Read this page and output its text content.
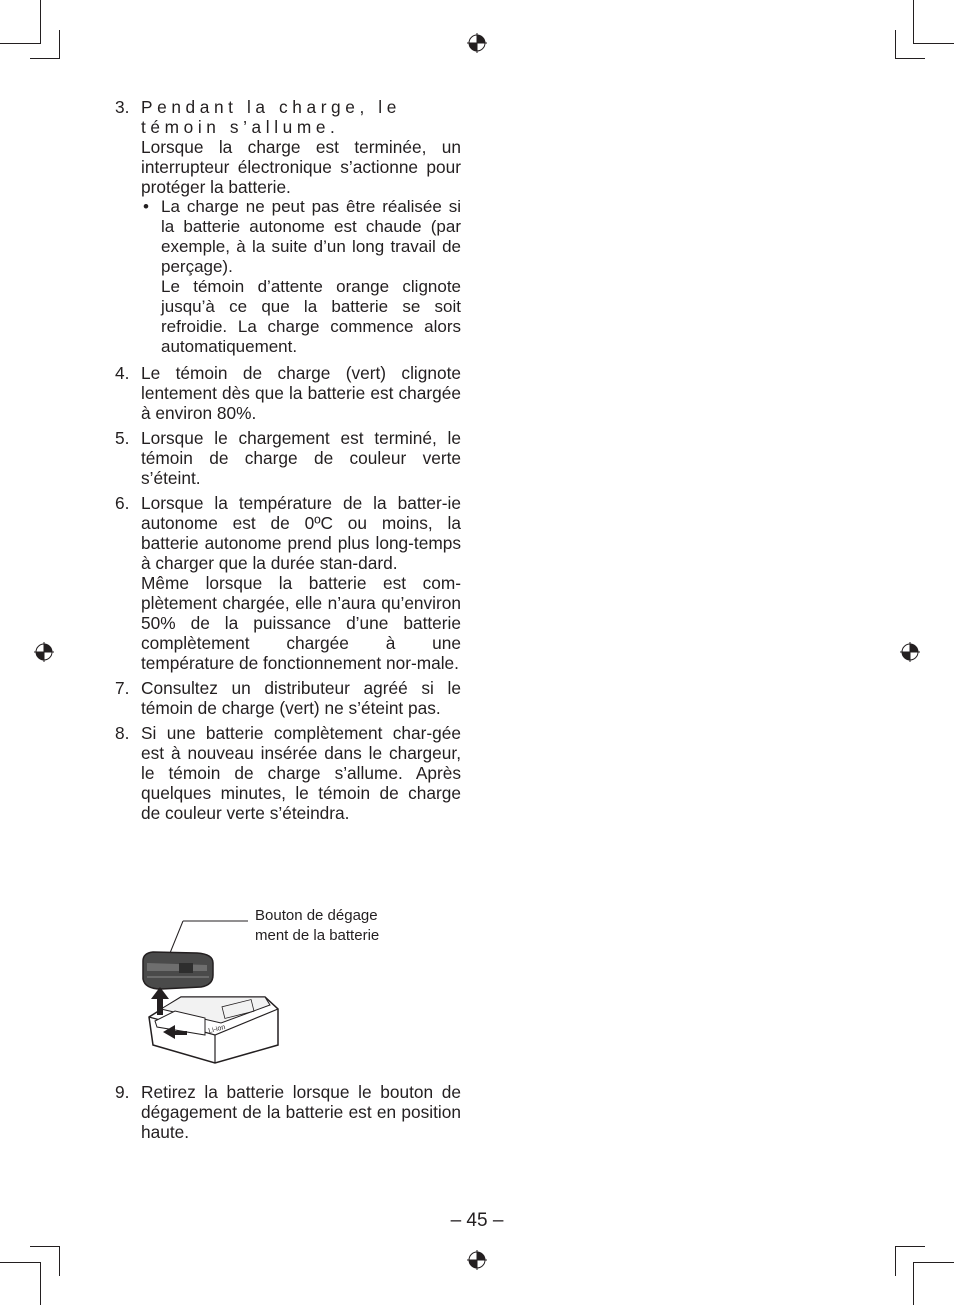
3. Pendant la charge, le témoin s’allume.

Lorsque la charge est terminée, un interrupteur électronique s’actionne pour protéger la batterie.

• La charge ne peut pas être réalisée si la batterie autonome est chaude (par exemple, à la suite d’un long travail de perçage).

Le témoin d’attente orange clignote jusqu’à ce que la batterie se soit refroidie. La charge commence alors automatiquement.

4. Le témoin de charge (vert) clignote lentement dès que la batterie est chargée à environ 80%.

5. Lorsque le chargement est terminé, le témoin de charge de couleur verte s’éteint.

6. Lorsque la température de la batter-ie autonome est de 0ºC ou moins, la batterie autonome prend plus long-temps à charger que la durée stan-dard.

Même lorsque la batterie est com-plètement chargée, elle n’aura qu’environ 50% de la puissance d’une batterie complètement chargée à une température de fonctionnement nor-male.

7. Consultez un distributeur agréé si le témoin de charge (vert) ne s’éteint pas.

8. Si une batterie complètement char-gée est à nouveau insérée dans le chargeur, le témoin de charge s’allume. Après quelques minutes, le témoin de charge de couleur verte s’éteindra.

Bouton de dégage
ment de la batterie
Li-ion
9. Retirez la batterie lorsque le bouton de dégagement de la batterie est en position haute.

– 45 –
